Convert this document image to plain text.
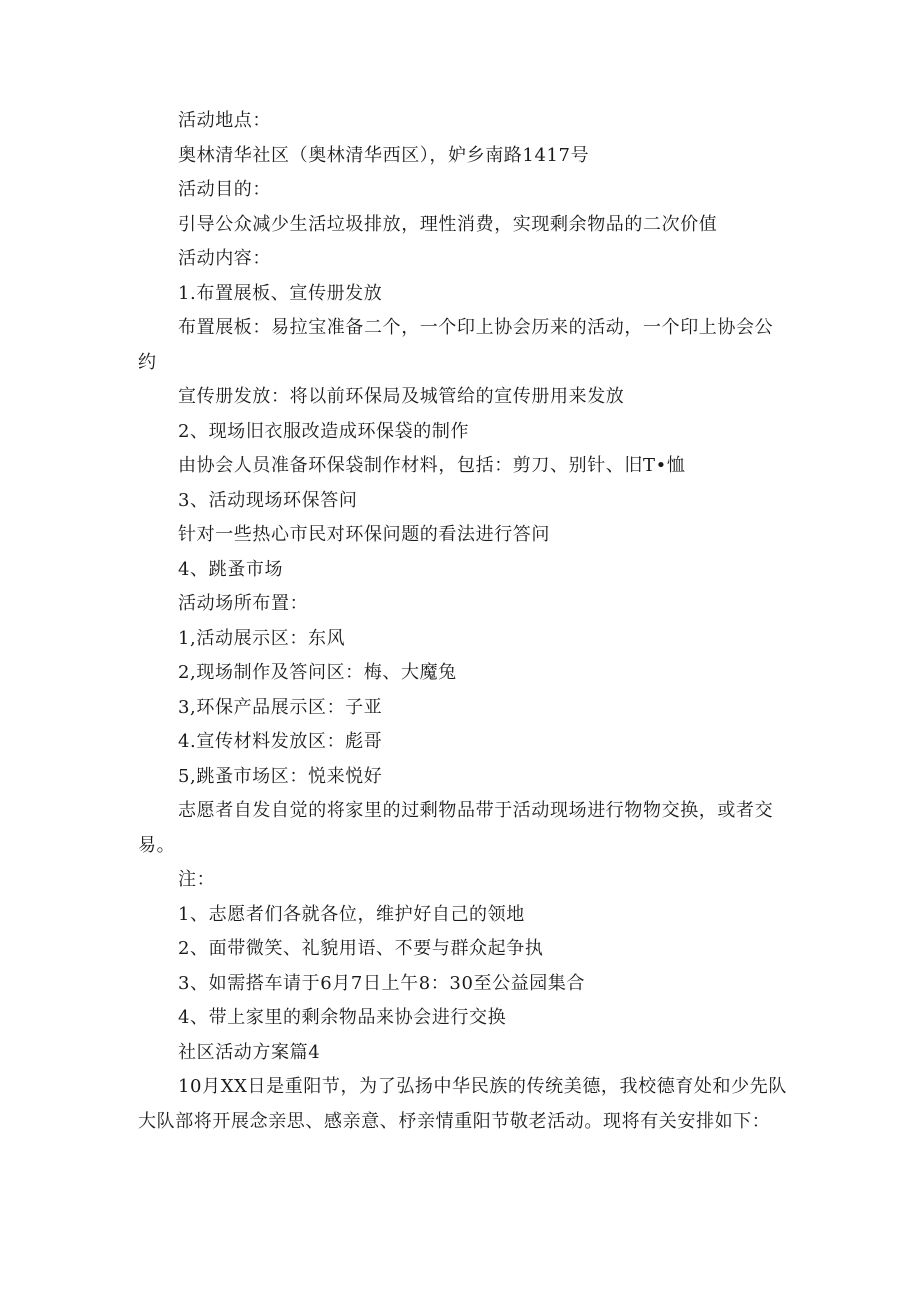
活动地点：

奥林清华社区（奥林清华西区），妒乡南路1417号

活动目的：

引导公众减少生活垃圾排放，理性消费，实现剩余物品的二次价值

活动内容：

1.布置展板、宣传册发放

布置展板：易拉宝准备二个，一个印上协会历来的活动，一个印上协会公约

宣传册发放：将以前环保局及城管给的宣传册用来发放

2、现场旧衣服改造成环保袋的制作

由协会人员准备环保袋制作材料，包括：剪刀、别针、旧T•恤

3、活动现场环保答问

针对一些热心市民对环保问题的看法进行答问

4、跳蚤市场

活动场所布置：

1,活动展示区：东风

2,现场制作及答问区：梅、大魔兔

3,环保产品展示区：子亚

4.宣传材料发放区：彪哥

5,跳蚤市场区：悦来悦好

志愿者自发自觉的将家里的过剩物品带于活动现场进行物物交换，或者交易。

注：

1、志愿者们各就各位，维护好自己的领地

2、面带微笑、礼貌用语、不要与群众起争执

3、如需搭车请于6月7日上午8：30至公益园集合

4、带上家里的剩余物品来协会进行交换

社区活动方案篇4

10月XX日是重阳节，为了弘扬中华民族的传统美德，我校德育处和少先队大队部将开展念亲思、感亲意、杼亲情重阳节敬老活动。现将有关安排如下：
